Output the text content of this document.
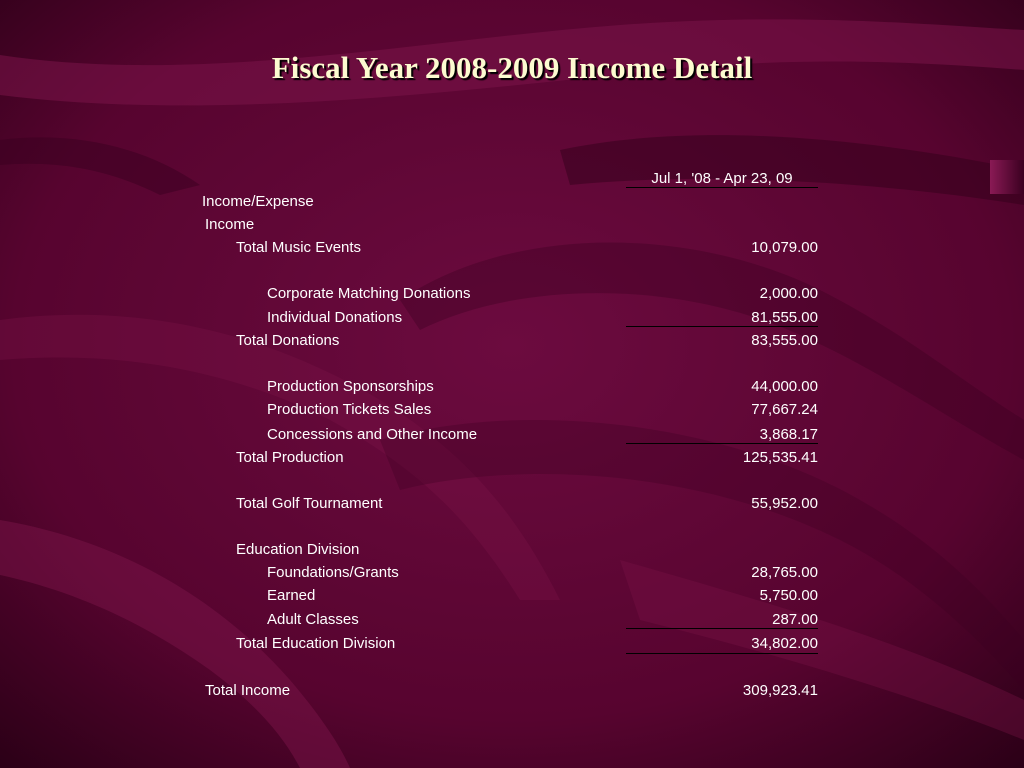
Fiscal Year 2008-2009 Income Detail
Jul 1, '08 - Apr 23, 09
Income/Expense
Income
Total Music Events	10,079.00
Corporate Matching Donations	2,000.00
Individual Donations	81,555.00
Total Donations	83,555.00
Production Sponsorships	44,000.00
Production Tickets Sales	77,667.24
Concessions and Other Income	3,868.17
Total Production	125,535.41
Total Golf Tournament	55,952.00
Education Division
Foundations/Grants	28,765.00
Earned	5,750.00
Adult Classes	287.00
Total Education Division	34,802.00
Total Income	309,923.41
